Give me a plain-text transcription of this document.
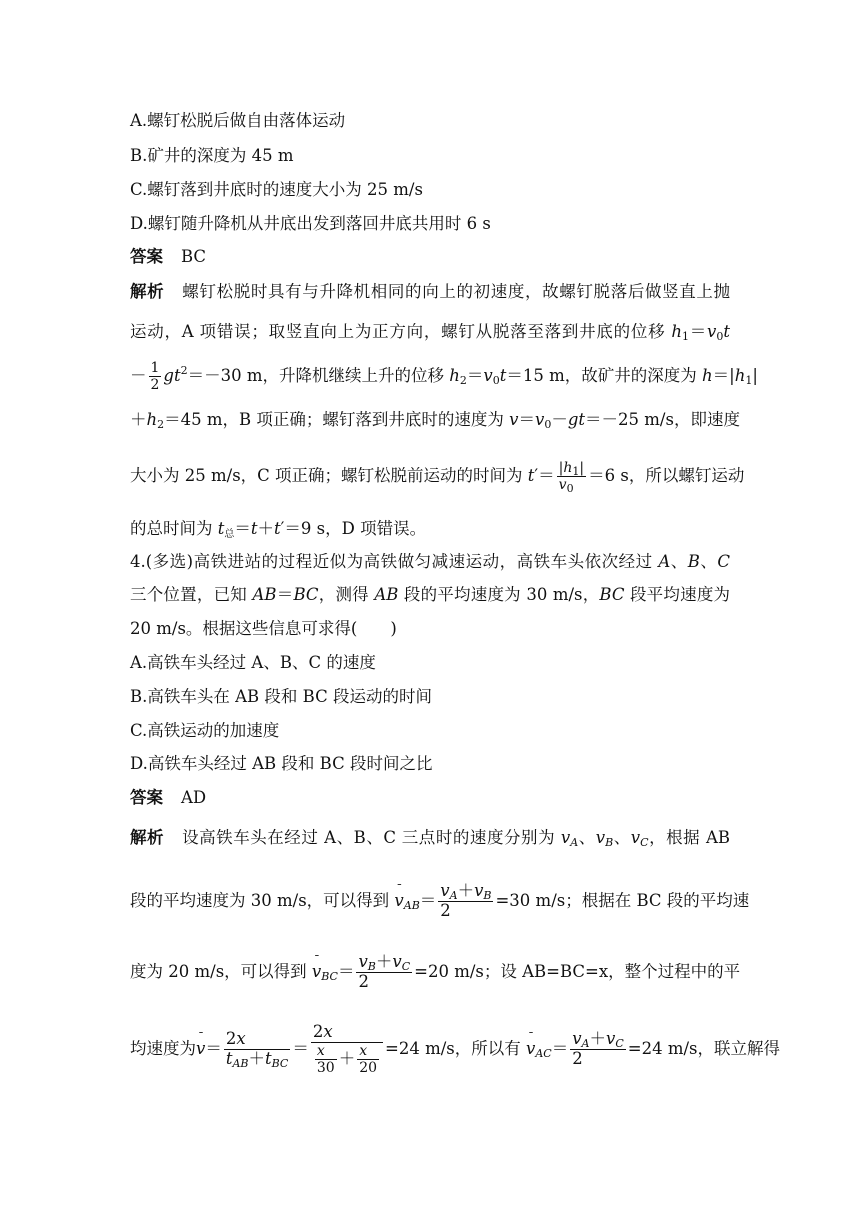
A.螺钉松脱后做自由落体运动
B.矿井的深度为 45 m
C.螺钉落到井底时的速度大小为 25 m/s
D.螺钉随升降机从井底出发到落回井底共用时 6 s
答案 BC
解析 螺钉松脱时具有与升降机相同的向上的初速度，故螺钉脱落后做竖直上抛
运动，A 项错误；取竖直向上为正方向，螺钉从脱落至落到井底的位移 $h_1=v_0t$
－ $\frac{1}{2} gt^2=-30$ m，升降机继续上升的位移 $h_2=v_0t=15$ m，故矿井的深度为 $h=|h_1|$
$+h_2=45$ m，B 项正确；螺钉落到井底时的速度为 $v=v_0-gt=-25$ m/s，即速度
大小为 25 m/s，C 项正确；螺钉松脱前运动的时间为 $t'= \frac{|h_1|}{v_0} =6$ s，所以螺钉运动
的总时间为 t总＝t＋t′＝9 s，D 项错误。
4.(多选)高铁进站的过程近似为高铁做匀减速运动，高铁车头依次经过 A、B、C
三个位置，已知 AB＝BC，测得 AB 段的平均速度为 30 m/s，BC 段平均速度为
20 m/s。根据这些信息可求得(　　)
A.高铁车头经过 A、B、C 的速度
B.高铁车头在 AB 段和 BC 段运动的时间
C.高铁运动的加速度
D.高铁车头经过 AB 段和 BC 段时间之比
答案 AD
解析 设高铁车头在经过 A、B、C 三点时的速度分别为 $v_A$、$v_B$、$v_C$，根据 AB
段的平均速度为 30 m/s，可以得到 ¯ $v_{AB}= \frac{v_A+v_B}{2} =30$ m/s；根据在 BC 段的平均速
度为 20 m/s，可以得到 ¯ $v_{BC}= \frac{v_B+v_C}{2} =20$ m/s；设 AB=BC=x，整个过程中的平
均速度为¯ $v= \frac{2x}{t_{AB}+t_{BC}} = \frac{2x}{\frac{x}{30} + \frac{x}{20}} =24$ m/s，所以有 ¯ $v_{AC}= \frac{v_A+v_C}{2} =24$ m/s，联立解得
